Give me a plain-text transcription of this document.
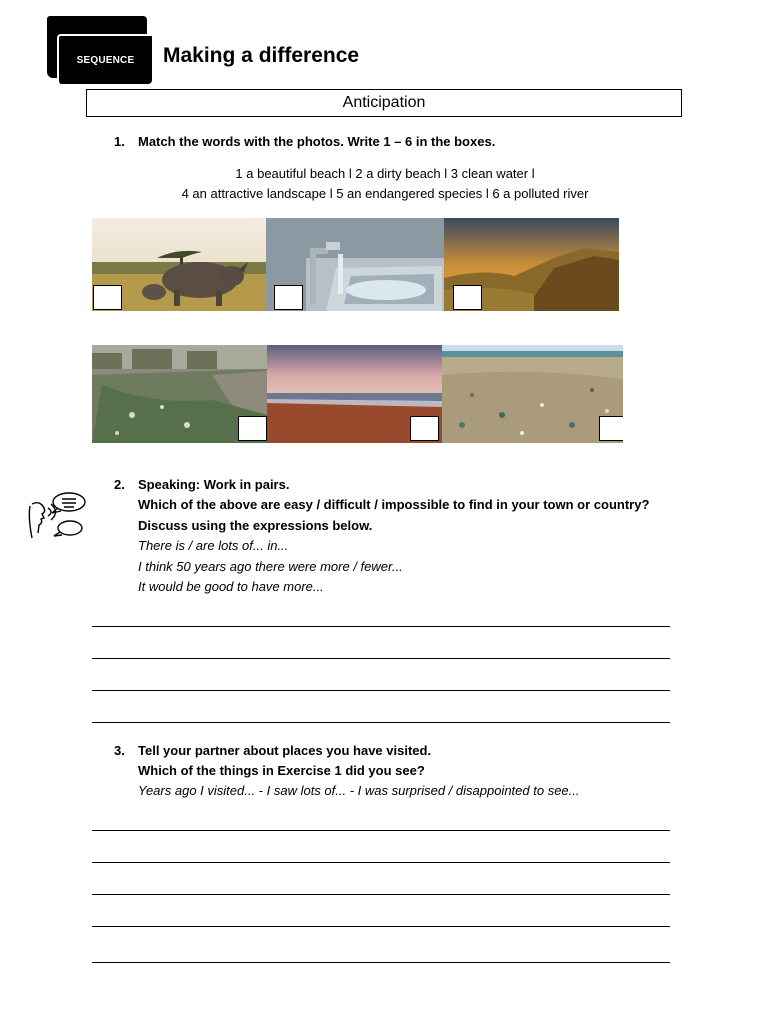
SEQUENCE Making a difference
Anticipation
1. Match the words with the photos. Write 1 – 6 in the boxes.
1 a beautiful beach l 2 a dirty beach l 3 clean water l
4 an attractive landscape l 5 an endangered species l 6 a polluted river
2. Speaking: Work in pairs.
Which of the above are easy / difficult / impossible to find in your town or country?
Discuss using the expressions below.
There is / are lots of... in...
I think 50 years ago there were more / fewer...
It would be good to have more...
3. Tell your partner about places you have visited.
Which of the things in Exercise 1 did you see?
Years ago I visited... - I saw lots of... - I was surprised / disappointed to see...
